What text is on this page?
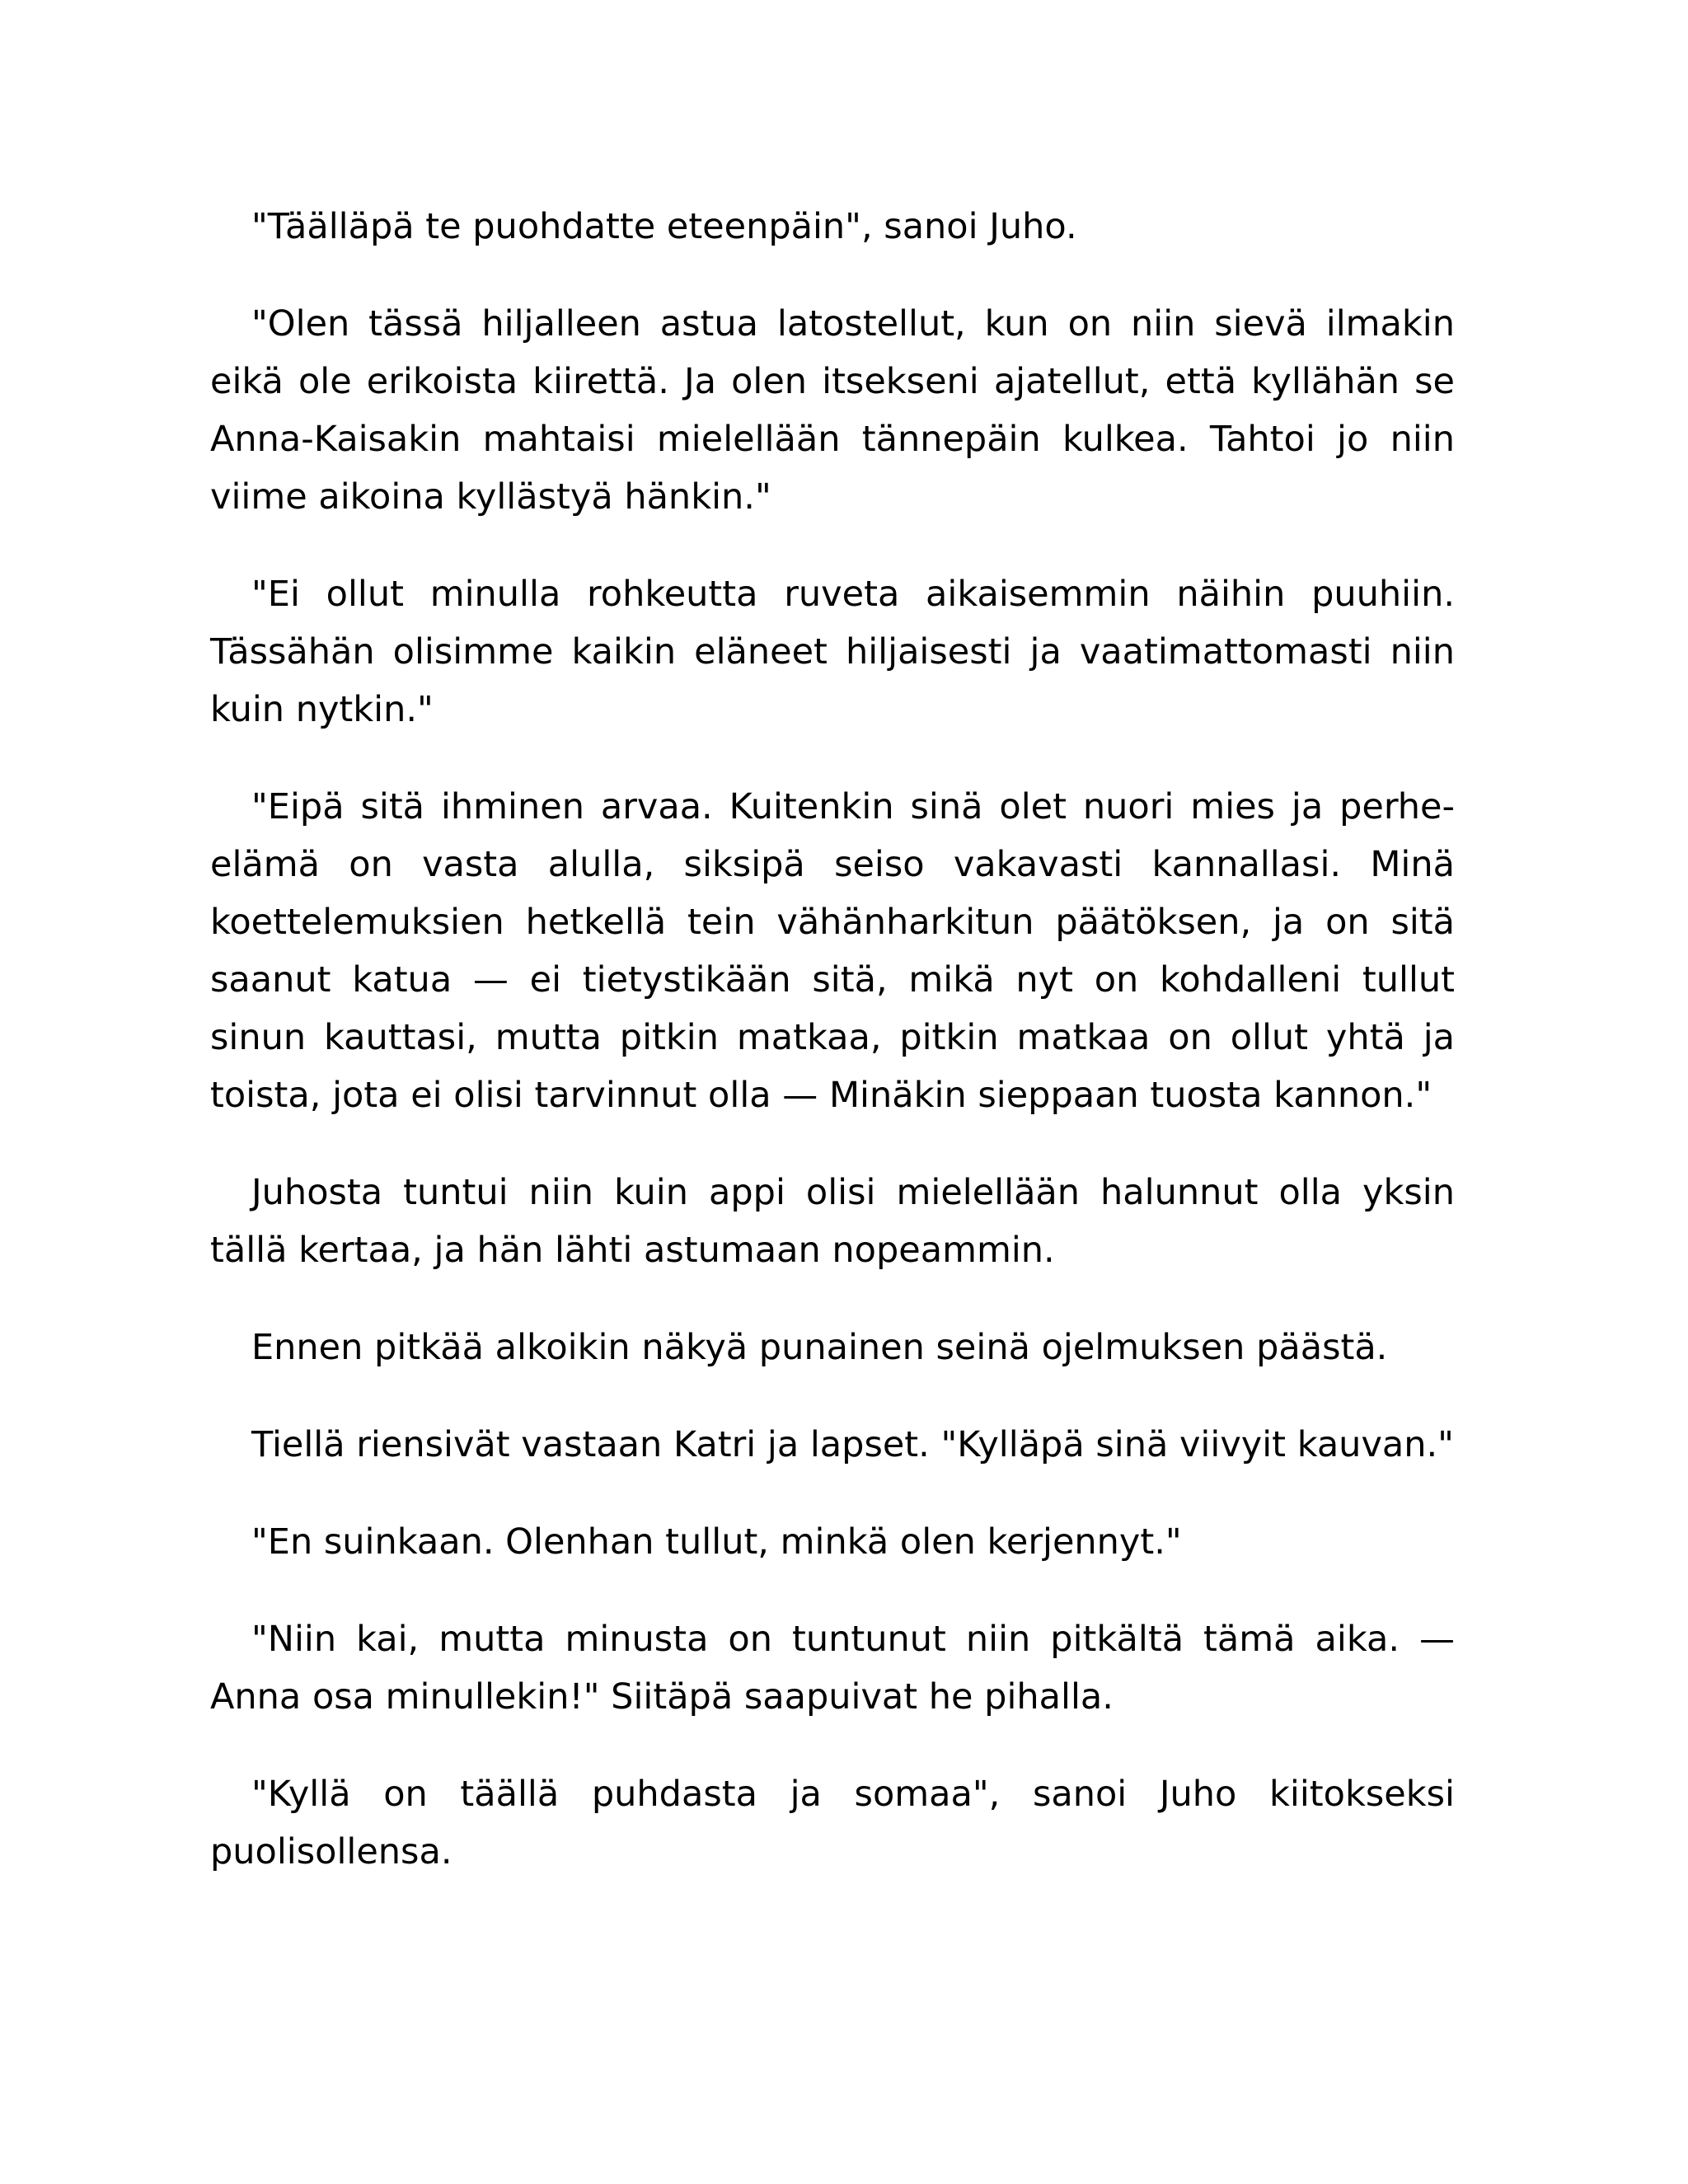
"Täälläpä te puohdatte eteenpäin", sanoi Juho.

"Olen tässä hiljalleen astua latostellut, kun on niin sievä ilmakin eikä ole erikoista kiirettä. Ja olen itsekseni ajatellut, että kyllähän se Anna-Kaisakin mahtaisi mielellään tännepäin kulkea. Tahtoi jo niin viime aikoina kyllästyä hänkin."

"Ei ollut minulla rohkeutta ruveta aikaisemmin näihin puuhiin. Tässähän olisimme kaikin eläneet hiljaisesti ja vaatimattomasti niin kuin nytkin."

"Eipä sitä ihminen arvaa. Kuitenkin sinä olet nuori mies ja perhe-elämä on vasta alulla, siksipä seiso vakavasti kannallasi. Minä koettelemuksien hetkellä tein vähänharkitun päätöksen, ja on sitä saanut katua — ei tietystikään sitä, mikä nyt on kohdalleni tullut sinun kauttasi, mutta pitkin matkaa, pitkin matkaa on ollut yhtä ja toista, jota ei olisi tarvinnut olla — Minäkin sieppaan tuosta kannon."

Juhosta tuntui niin kuin appi olisi mielellään halunnut olla yksin tällä kertaa, ja hän lähti astumaan nopeammin.

Ennen pitkää alkoikin näkyä punainen seinä ojelmuksen päästä.

Tiellä riensivät vastaan Katri ja lapset. "Kylläpä sinä viivyit kauvan."

"En suinkaan. Olenhan tullut, minkä olen kerjennyt."

"Niin kai, mutta minusta on tuntunut niin pitkältä tämä aika. — Anna osa minullekin!" Siitäpä saapuivat he pihalla.

"Kyllä on täällä puhdasta ja somaa", sanoi Juho kiitokseksi puolisollensa.
